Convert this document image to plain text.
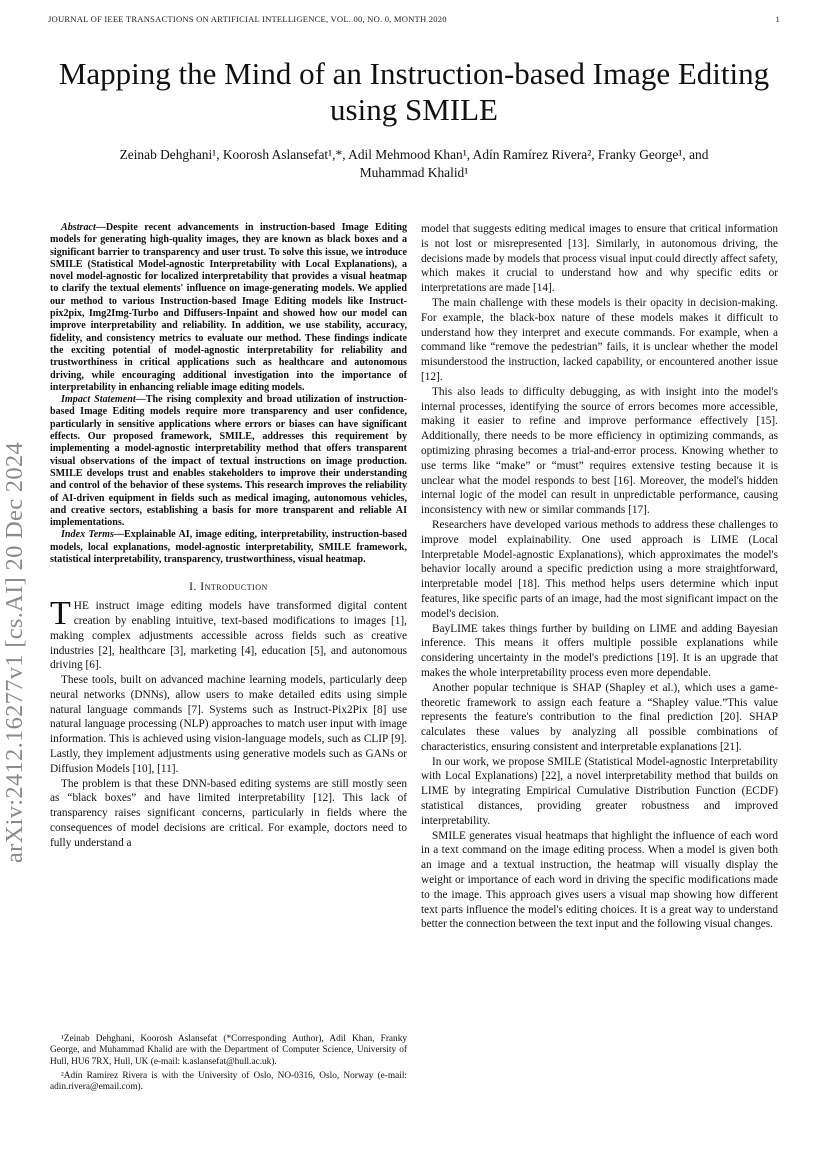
JOURNAL OF IEEE TRANSACTIONS ON ARTIFICIAL INTELLIGENCE, VOL. 00, NO. 0, MONTH 2020	1
Mapping the Mind of an Instruction-based Image Editing using SMILE
Zeinab Dehghani¹, Koorosh Aslansefat¹,*, Adil Mehmood Khan¹, Adín Ramírez Rivera², Franky George¹, and
Muhammad Khalid¹
arXiv:2412.16277v1 [cs.AI] 20 Dec 2024

Abstract—Despite recent advancements in instruction-based Image Editing models for generating high-quality images, they are known as black boxes and a significant barrier to transparency and user trust. To solve this issue, we introduce SMILE (Statistical Model-agnostic Interpretability with Local Explanations), a novel model-agnostic for localized interpretability that provides a visual heatmap to clarify the textual elements' influence on image-generating models. We applied our method to various Instruction-based Image Editing models like Instruct-pix2pix, Img2Img-Turbo and Diffusers-Inpaint and showed how our model can improve interpretability and reliability. In addition, we use stability, accuracy, fidelity, and consistency metrics to evaluate our method. These findings indicate the exciting potential of model-agnostic interpretability for reliability and trustworthiness in critical applications such as healthcare and autonomous driving, while encouraging additional investigation into the importance of interpretability in enhancing reliable image editing models.

Impact Statement—The rising complexity and broad utilization of instruction-based Image Editing models require more transparency and user confidence, particularly in sensitive applications where errors or biases can have significant effects. Our proposed framework, SMILE, addresses this requirement by implementing a model-agnostic interpretability method that offers transparent visual observations of the impact of textual instructions on image production. SMILE develops trust and enables stakeholders to improve their understanding and control of the behavior of these systems. This research improves the reliability of AI-driven equipment in fields such as medical imaging, autonomous vehicles, and creative sectors, establishing a basis for more transparent and reliable AI implementations.

Index Terms—Explainable AI, image editing, interpretability, instruction-based models, local explanations, model-agnostic interpretability, SMILE framework, statistical interpretability, transparency, trustworthiness, visual heatmap.

I. Introduction

THE instruct image editing models have transformed digital content creation by enabling intuitive, text-based modifications to images [1], making complex adjustments accessible across fields such as creative industries [2], healthcare [3], marketing [4], education [5], and autonomous driving [6].

These tools, built on advanced machine learning models, particularly deep neural networks (DNNs), allow users to make detailed edits using simple natural language commands [7]. Systems such as Instruct-Pix2Pix [8] use natural language processing (NLP) approaches to match user input with image information. This is achieved using vision-language models, such as CLIP [9]. Lastly, they implement adjustments using generative models such as GANs or Diffusion Models [10], [11].

The problem is that these DNN-based editing systems are still mostly seen as “black boxes” and have limited interpretability [12]. This lack of transparency raises significant concerns, particularly in fields where the consequences of model decisions are critical. For example, doctors need to fully understand a

¹Zeinab Dehghani, Koorosh Aslansefat (*Corresponding Author), Adil Khan, Franky George, and Muhammad Khalid are with the Department of Computer Science, University of Hull, HU6 7RX, Hull, UK (e-mail: k.aslansefat@hull.ac.uk).

²Adín Ramírez Rivera is with the University of Oslo, NO-0316, Oslo, Norway (e-mail: adin.rivera@email.com).

model that suggests editing medical images to ensure that critical information is not lost or misrepresented [13]. Similarly, in autonomous driving, the decisions made by models that process visual input could directly affect safety, which makes it crucial to understand how and why specific edits or interpretations are made [14].

The main challenge with these models is their opacity in decision-making. For example, the black-box nature of these models makes it difficult to understand how they interpret and execute commands. For example, when a command like “remove the pedestrian” fails, it is unclear whether the model misunderstood the instruction, lacked capability, or encountered another issue [12].

This also leads to difficulty debugging, as with insight into the model's internal processes, identifying the source of errors becomes more accessible, making it easier to refine and improve performance effectively [15]. Additionally, there needs to be more efficiency in optimizing commands, as optimizing phrasing becomes a trial-and-error process. Knowing whether to use terms like “make” or “must” requires extensive testing because it is unclear what the model responds to best [16]. Moreover, the model's hidden internal logic of the model can result in unpredictable performance, causing inconsistency with new or similar commands [17].

Researchers have developed various methods to address these challenges to improve model explainability. One used approach is LIME (Local Interpretable Model-agnostic Explanations), which approximates the model's behavior locally around a specific prediction using a more straightforward, interpretable model [18]. This method helps users determine which input features, like specific parts of an image, had the most significant impact on the model's decision.

BayLIME takes things further by building on LIME and adding Bayesian inference. This means it offers multiple possible explanations while considering uncertainty in the model's predictions [19]. It is an upgrade that makes the whole interpretability process even more dependable.

Another popular technique is SHAP (Shapley et al.), which uses a game-theoretic framework to assign each feature a “Shapley value.”This value represents the feature's contribution to the final prediction [20]. SHAP calculates these values by analyzing all possible combinations of characteristics, ensuring consistent and interpretable explanations [21].

In our work, we propose SMILE (Statistical Model-agnostic Interpretability with Local Explanations) [22], a novel interpretability method that builds on LIME by integrating Empirical Cumulative Distribution Function (ECDF) statistical distances, providing greater robustness and improved interpretability.

SMILE generates visual heatmaps that highlight the influence of each word in a text command on the image editing process. When a model is given both an image and a textual instruction, the heatmap will visually display the weight or importance of each word in driving the specific modifications made to the image. This approach gives users a visual map showing how different text parts influence the model's editing choices. It is a great way to understand better the connection between the text input and the following visual changes.
